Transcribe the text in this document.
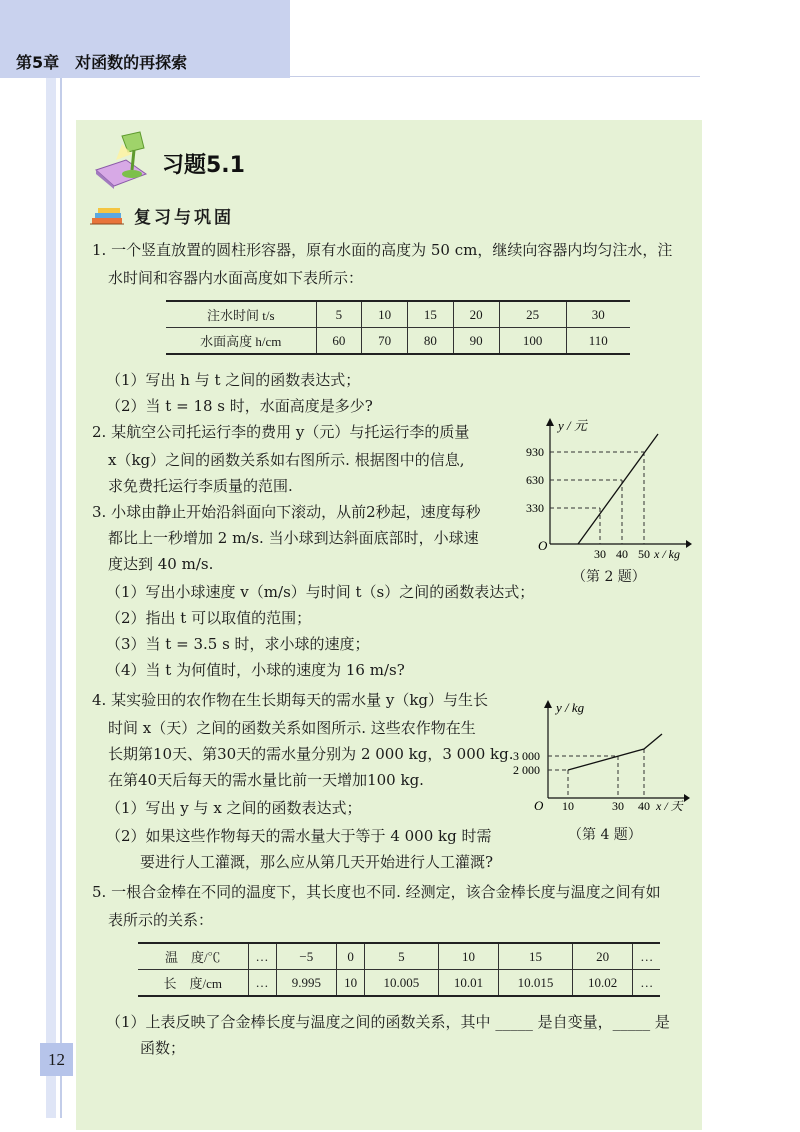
第5章　对函数的再探索
12
习题5.1
复习与巩固
1. 一个竖直放置的圆柱形容器，原有水面的高度为 50 cm，继续向容器内均匀注水，注
水时间和容器内水面高度如下表所示：
注水时间 t/s	5	10	15	20	25	30
水面高度 h/cm	60	70	80	90	100	110
（1）写出 h 与 t 之间的函数表达式；
（2）当 t = 18 s 时，水面高度是多少?
2. 某航空公司托运行李的费用 y（元）与托运行李的质量
x（kg）之间的函数关系如右图所示. 根据图中的信息,
求免费托运行李质量的范围.
y / 元
930
630
330
O
30 40 50 x / kg
（第 2 题）
3. 小球由静止开始沿斜面向下滚动，从前2秒起，速度每秒
都比上一秒增加 2 m/s. 当小球到达斜面底部时，小球速
度达到 40 m/s.
（1）写出小球速度 v（m/s）与时间 t（s）之间的函数表达式；
（2）指出 t 可以取值的范围；
（3）当 t = 3.5 s 时，求小球的速度；
（4）当 t 为何值时，小球的速度为 16 m/s?
4. 某实验田的农作物在生长期每天的需水量 y（kg）与生长
时间 x（天）之间的函数关系如图所示. 这些农作物在生
长期第10天、第30天的需水量分别为 2 000 kg，3 000 kg.
在第40天后每天的需水量比前一天增加100 kg.
（1）写出 y 与 x 之间的函数表达式；
（2）如果这些作物每天的需水量大于等于 4 000 kg 时需
要进行人工灌溉，那么应从第几天开始进行人工灌溉?
y / kg
3 000
2 000
O 10	30 40 x / 天
（第 4 题）
5. 一根合金棒在不同的温度下，其长度也不同. 经测定，该合金棒长度与温度之间有如
表所示的关系：
温　度/℃	…	−5	0	5	10	15	20	…
长　度/cm	…	9.995	10	10.005	10.01	10.015	10.02	…
（1）上表反映了合金棒长度与温度之间的函数关系，其中 _____ 是自变量，_____ 是
函数；
